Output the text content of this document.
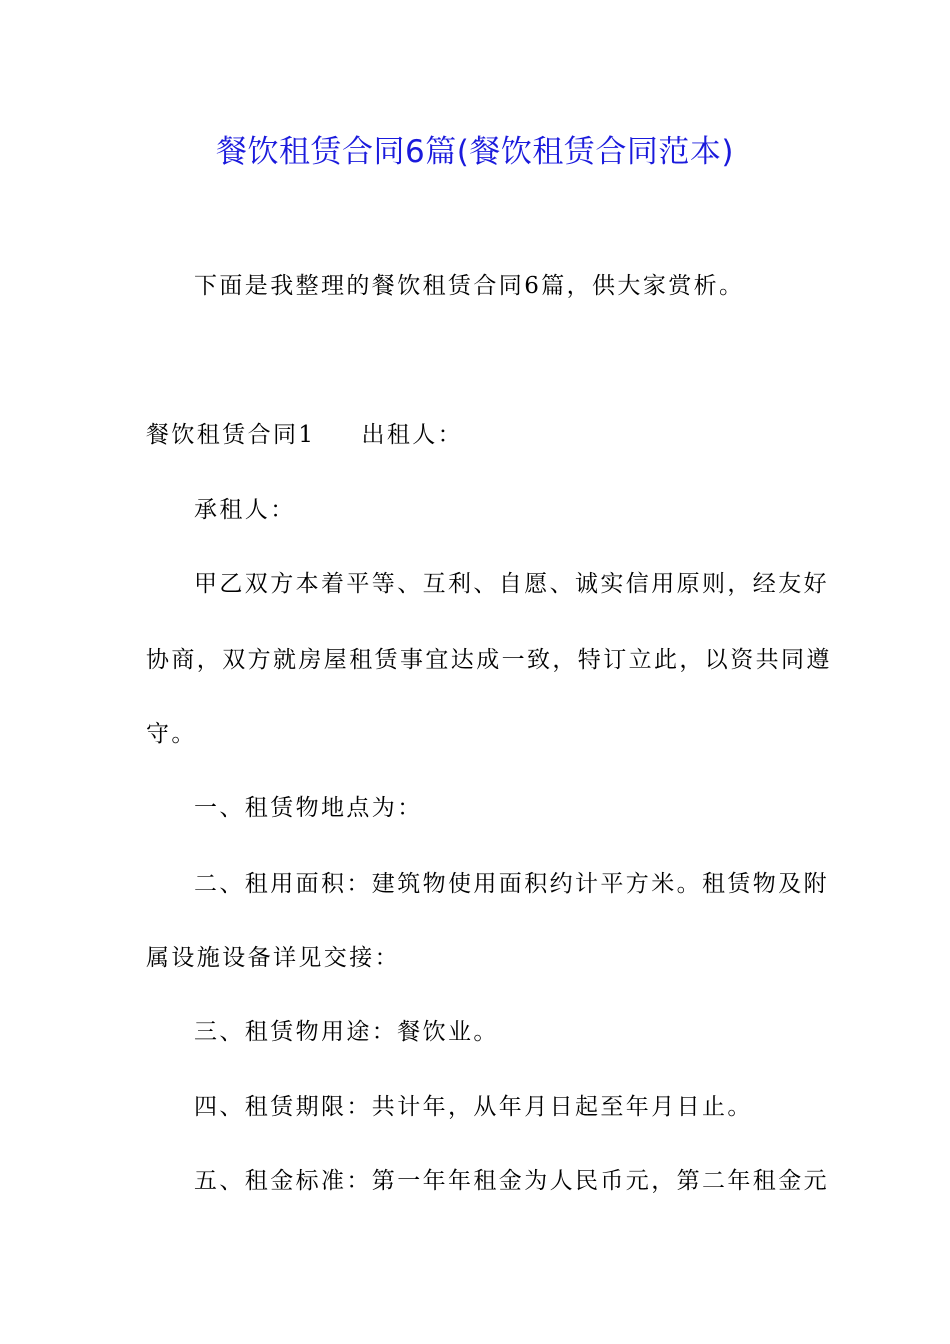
餐饮租赁合同6篇(餐饮租赁合同范本)
下面是我整理的餐饮租赁合同6篇，供大家赏析。
餐饮租赁合同1 出租人：
承租人：
甲乙双方本着平等、互利、自愿、诚实信用原则，经友好
协商，双方就房屋租赁事宜达成一致，特订立此，以资共同遵
守。
一、租赁物地点为：
二、租用面积：建筑物使用面积约计平方米。租赁物及附
属设施设备详见交接：
三、租赁物用途：餐饮业。
四、租赁期限：共计年，从年月日起至年月日止。
五、租金标准：第一年年租金为人民币元，第二年租金元
